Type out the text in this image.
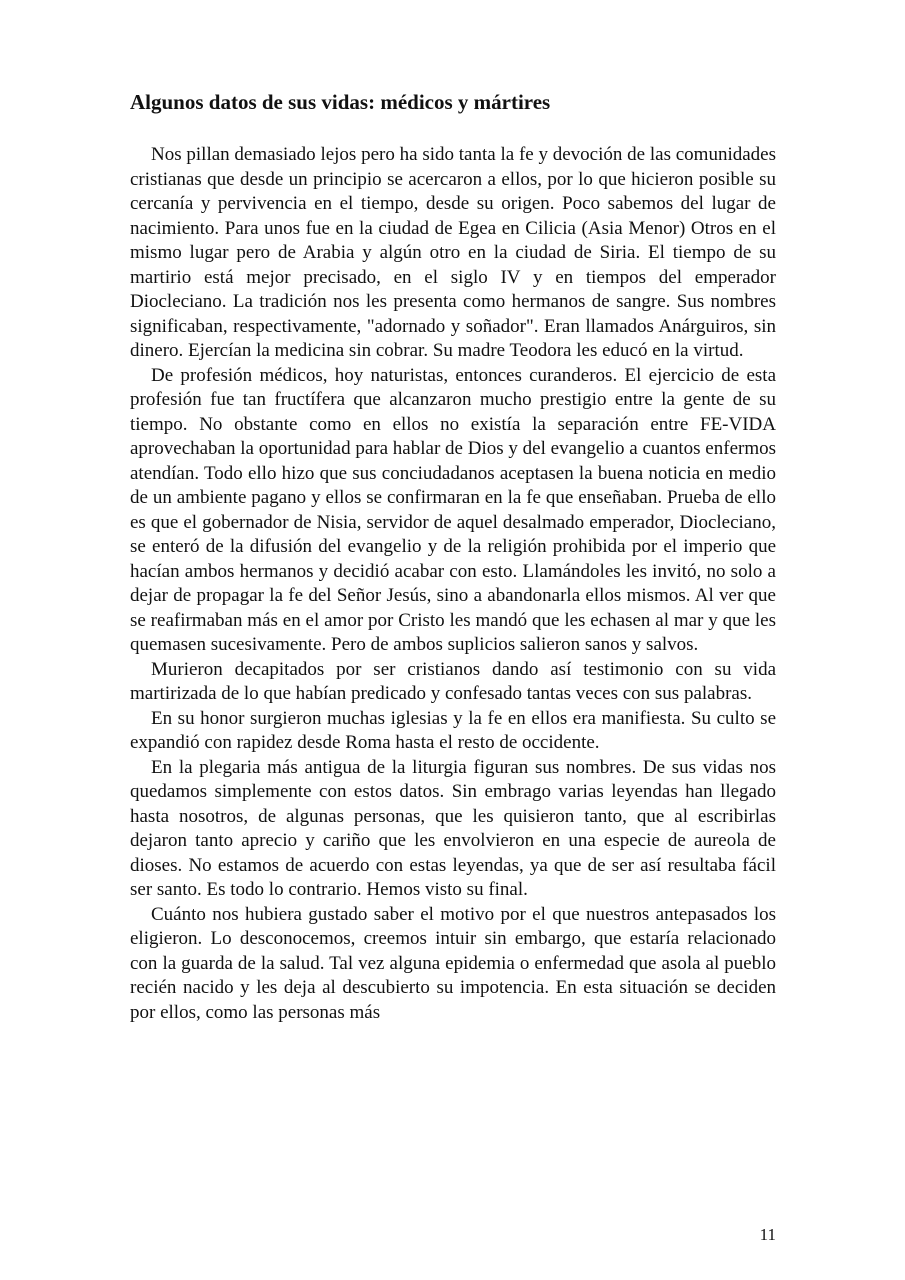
Algunos datos de sus vidas: médicos y mártires

Nos pillan demasiado lejos pero ha sido tanta la fe y devoción de las comunidades cristianas que desde un principio se acercaron a ellos, por lo que hicieron posible su cercanía y pervivencia en el tiempo, desde su origen. Poco sabemos del lugar de nacimiento. Para unos fue en la ciudad de Egea en Cilicia (Asia Menor) Otros en el mismo lugar pero de Arabia y algún otro en la ciudad de Siria. El tiempo de su martirio está mejor precisado, en el siglo IV y en tiempos del emperador Diocleciano. La tradición nos les presenta como hermanos de sangre. Sus nombres significaban, respectivamente, "adornado y soñador". Eran llamados Anárguiros, sin dinero. Ejercían la medicina sin cobrar. Su madre Teodora les educó en la virtud.

De profesión médicos, hoy naturistas, entonces curanderos. El ejercicio de esta profesión fue tan fructífera que alcanzaron mucho prestigio entre la gente de su tiempo. No obstante como en ellos no existía la separación entre FE-VIDA aprovechaban la oportunidad para hablar de Dios y del evangelio a cuantos enfermos atendían. Todo ello hizo que sus conciudadanos aceptasen la buena noticia en medio de un ambiente pagano y ellos se confirmaran en la fe que enseñaban. Prueba de ello es que el gobernador de Nisia, servidor de aquel desalmado emperador, Diocleciano, se enteró de la difusión del evangelio y de la religión prohibida por el imperio que hacían ambos hermanos y decidió acabar con esto. Llamándoles les invitó, no solo a dejar de propagar la fe del Señor Jesús, sino a abandonarla ellos mismos. Al ver que se reafirmaban más en el amor por Cristo les mandó que les echasen al mar y que les quemasen sucesivamente. Pero de ambos suplicios salieron sanos y salvos.

Murieron decapitados por ser cristianos dando así testimonio con su vida martirizada de lo que habían predicado y confesado tantas veces con sus palabras.

En su honor surgieron muchas iglesias y la fe en ellos era manifiesta. Su culto se expandió con rapidez desde Roma hasta el resto de occidente.

En la plegaria más antigua de la liturgia figuran sus nombres. De sus vidas nos quedamos simplemente con estos datos. Sin embrago varias leyendas han llegado hasta nosotros, de algunas personas, que les quisieron tanto, que al escribirlas dejaron tanto aprecio y cariño que les envolvieron en una especie de aureola de dioses. No estamos de acuerdo con estas leyendas, ya que de ser así resultaba fácil ser santo. Es todo lo contrario. Hemos visto su final.

Cuánto nos hubiera gustado saber el motivo por el que nuestros antepasados los eligieron. Lo desconocemos, creemos intuir sin embargo, que estaría relacionado con la guarda de la salud. Tal vez alguna epidemia o enfermedad que asola al pueblo recién nacido y les deja al descubierto su impotencia. En esta situación se deciden por ellos, como las personas más

11
